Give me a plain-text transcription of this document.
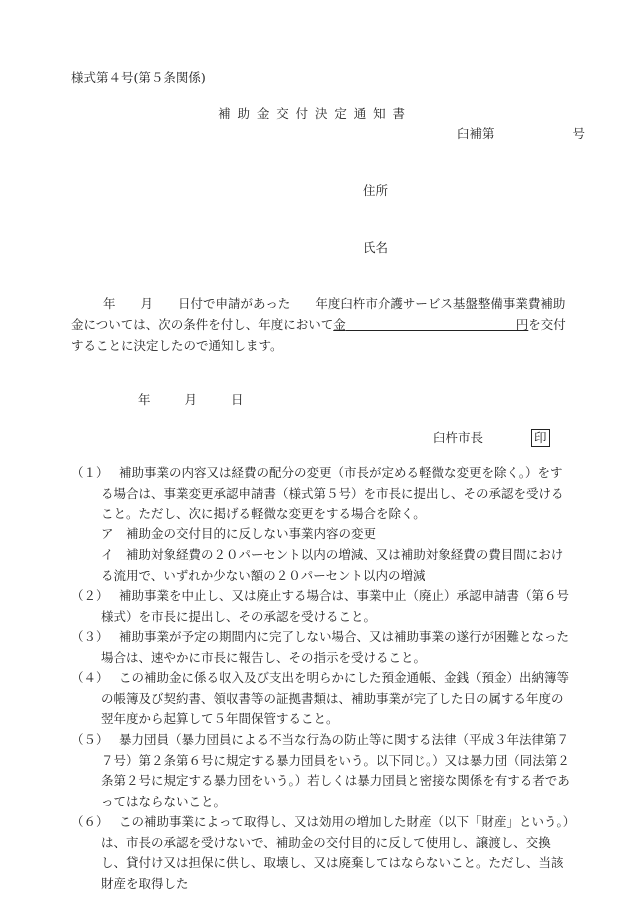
様式第４号(第５条関係)
補助金交付決定通知書
臼補第	号
住所
氏名
年　　月　　日付で申請があった　　年度臼杵市介護サービス基盤整備事業費補助金については、次の条件を付し、年度において金	円を交付することに決定したので通知します。
年	月	日
臼杵市長	印
（１） 補助事業の内容又は経費の配分の変更（市長が定める軽微な変更を除く。）をする場合は、事業変更承認申請書（様式第５号）を市長に提出し、その承認を受けること。ただし、次に掲げる軽微な変更をする場合を除く。
ア　 補助金の交付目的に反しない事業内容の変更
イ　 補助対象経費の２０パーセント以内の増減、又は補助対象経費の費目間における流用で、いずれか少ない額の２０パーセント以内の増減
（２） 補助事業を中止し、又は廃止する場合は、事業中止（廃止）承認申請書（第６号様式）を市長に提出し、その承認を受けること。
（３） 補助事業が予定の期間内に完了しない場合、又は補助事業の遂行が困難となった場合は、速やかに市長に報告し、その指示を受けること。
（４） この補助金に係る収入及び支出を明らかにした預金通帳、金銭（預金）出納簿等の帳簿及び契約書、領収書等の証拠書類は、補助事業が完了した日の属する年度の翌年度から起算して５年間保管すること。
（５） 暴力団員（暴力団員による不当な行為の防止等に関する法律（平成３年法律第７７号）第２条第６号に規定する暴力団員をいう。以下同じ。）又は暴力団（同法第２条第２号に規定する暴力団をいう。）若しくは暴力団員と密接な関係を有する者であってはならないこと。
（６） この補助事業によって取得し、又は効用の増加した財産（以下「財産」という。）は、市長の承認を受けないで、補助金の交付目的に反して使用し、譲渡し、交換し、貸付け又は担保に供し、取壊し、又は廃棄してはならないこと。ただし、当該財産を取得した
